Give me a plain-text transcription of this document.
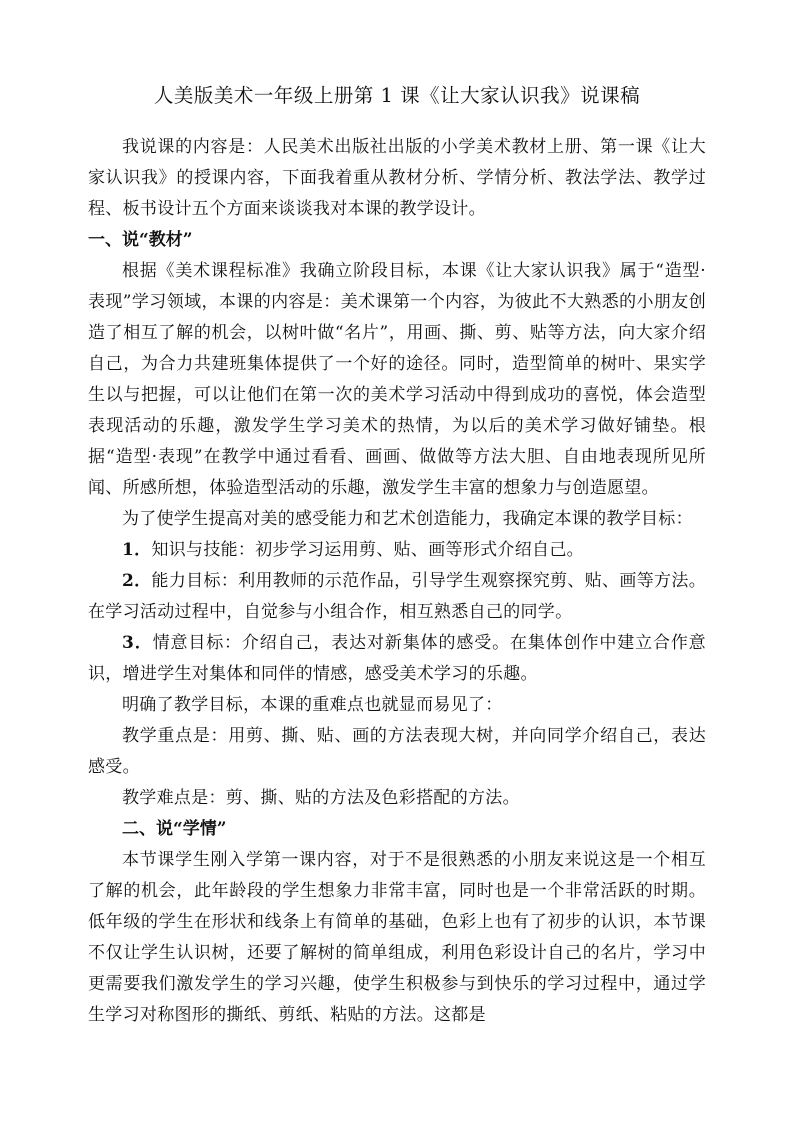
人美版美术一年级上册第 1 课《让大家认识我》说课稿

我说课的内容是：人民美术出版社出版的小学美术教材上册、第一课《让大家认识我》的授课内容，下面我着重从教材分析、学情分析、教法学法、教学过程、板书设计五个方面来谈谈我对本课的教学设计。

一、说“教材”

根据《美术课程标准》我确立阶段目标，本课《让大家认识我》属于“造型·表现”学习领域，本课的内容是：美术课第一个内容，为彼此不大熟悉的小朋友创造了相互了解的机会，以树叶做“名片”，用画、撕、剪、贴等方法，向大家介绍自己，为合力共建班集体提供了一个好的途径。同时，造型简单的树叶、果实学生以与把握，可以让他们在第一次的美术学习活动中得到成功的喜悦，体会造型表现活动的乐趣，激发学生学习美术的热情，为以后的美术学习做好铺垫。根据“造型·表现”在教学中通过看看、画画、做做等方法大胆、自由地表现所见所闻、所感所想，体验造型活动的乐趣，激发学生丰富的想象力与创造愿望。

为了使学生提高对美的感受能力和艺术创造能力，我确定本课的教学目标：

1．知识与技能：初步学习运用剪、贴、画等形式介绍自己。

2．能力目标：利用教师的示范作品，引导学生观察探究剪、贴、画等方法。在学习活动过程中，自觉参与小组合作，相互熟悉自己的同学。

3．情意目标：介绍自己，表达对新集体的感受。在集体创作中建立合作意识，增进学生对集体和同伴的情感，感受美术学习的乐趣。

明确了教学目标，本课的重难点也就显而易见了：

教学重点是：用剪、撕、贴、画的方法表现大树，并向同学介绍自己，表达感受。

教学难点是：剪、撕、贴的方法及色彩搭配的方法。

二、说“学情”

本节课学生刚入学第一课内容，对于不是很熟悉的小朋友来说这是一个相互了解的机会，此年龄段的学生想象力非常丰富，同时也是一个非常活跃的时期。低年级的学生在形状和线条上有简单的基础，色彩上也有了初步的认识，本节课不仅让学生认识树，还要了解树的简单组成，利用色彩设计自己的名片，学习中更需要我们激发学生的学习兴趣，使学生积极参与到快乐的学习过程中，通过学生学习对称图形的撕纸、剪纸、粘贴的方法。这都是
